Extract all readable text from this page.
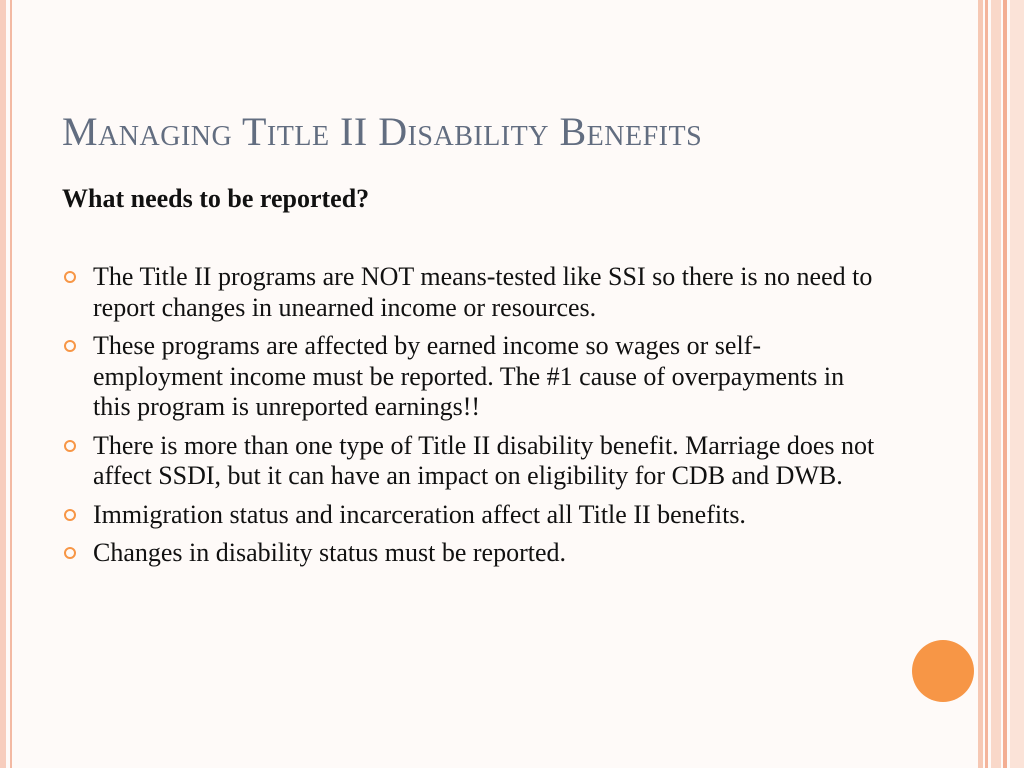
Managing Title II Disability Benefits
What needs to be reported?
The Title II programs are NOT means-tested like SSI so there is no need to report changes in unearned income or resources.
These programs are affected by earned income so wages or self-employment income must be reported. The #1 cause of overpayments in this program is unreported earnings!!
There is more than one type of Title II disability benefit. Marriage does not affect SSDI, but it can have an impact on eligibility for CDB and DWB.
Immigration status and incarceration affect all Title II benefits.
Changes in disability status must be reported.
